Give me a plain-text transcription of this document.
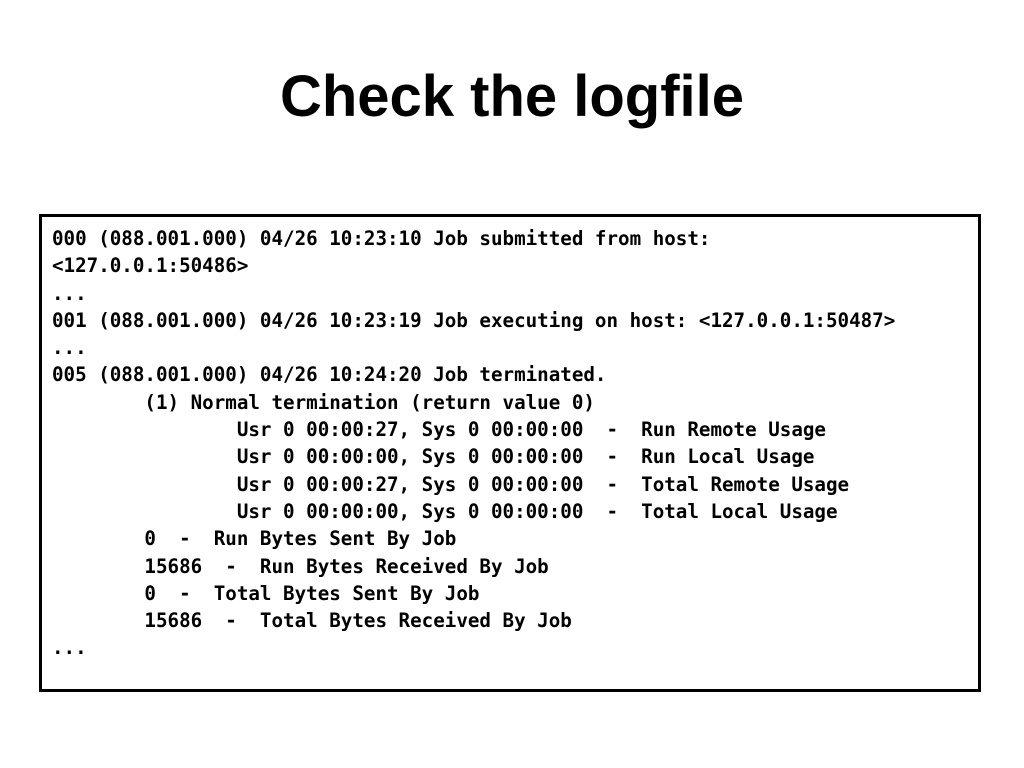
Check the logfile
000 (088.001.000) 04/26 10:23:10 Job submitted from host:
<127.0.0.1:50486>
...
001 (088.001.000) 04/26 10:23:19 Job executing on host: <127.0.0.1:50487>
...
005 (088.001.000) 04/26 10:24:20 Job terminated.
(1) Normal termination (return value 0)
Usr 0 00:00:27, Sys 0 00:00:00  -  Run Remote Usage
Usr 0 00:00:00, Sys 0 00:00:00  -  Run Local Usage
Usr 0 00:00:27, Sys 0 00:00:00  -  Total Remote Usage
Usr 0 00:00:00, Sys 0 00:00:00  -  Total Local Usage
0  -  Run Bytes Sent By Job
15686  -  Run Bytes Received By Job
0  -  Total Bytes Sent By Job
15686  -  Total Bytes Received By Job
...
